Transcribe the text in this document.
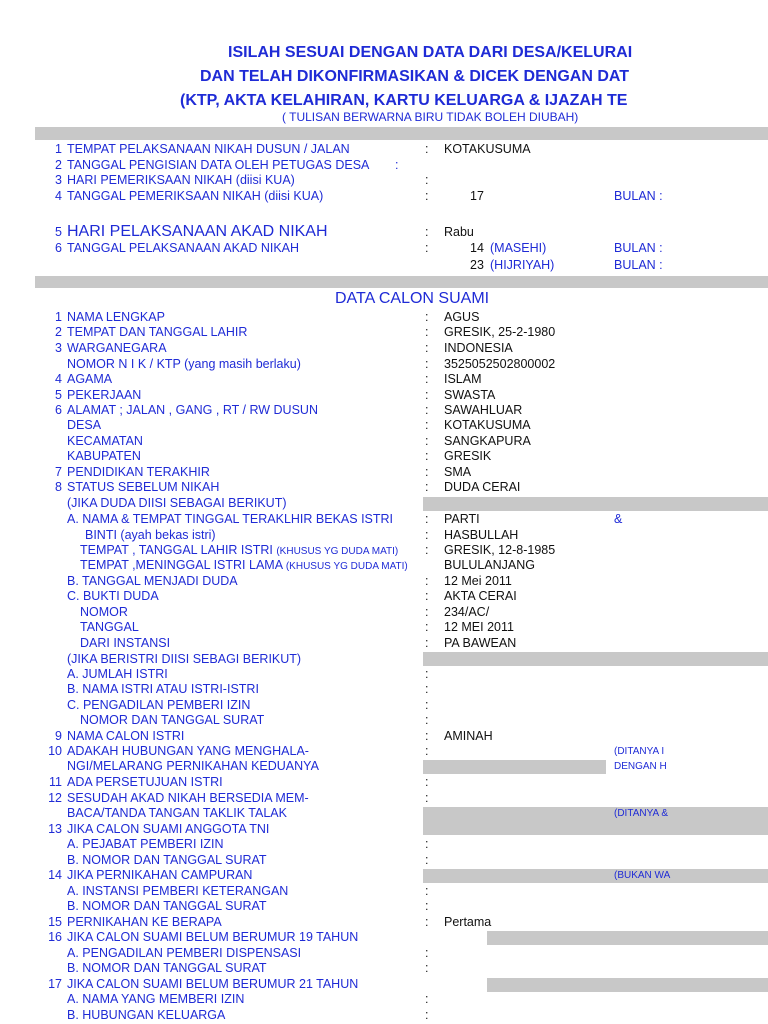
ISILAH SESUAI DENGAN DATA DARI DESA/KELURAI
DAN TELAH DIKONFIRMASIKAN & DICEK DENGAN DAT
(KTP, AKTA KELAHIRAN, KARTU KELUARGA & IJAZAH TE
( TULISAN BERWARNA BIRU TIDAK BOLEH DIUBAH)
1 TEMPAT PELAKSANAAN NIKAH DUSUN / JALAN	: KOTAKUSUMA
2 TANGGAL PENGISIAN DATA OLEH PETUGAS DESA :
3 HARI PEMERIKSAAN NIKAH (diisi KUA)	:
4 TANGGAL PEMERIKSAAN NIKAH (diisi KUA)	:	17	BULAN :
5 HARI PELAKSANAAN AKAD NIKAH	: Rabu
6 TANGGAL PELAKSANAAN AKAD NIKAH	:	14 (MASEHI)	BULAN :
23 (HIJRIYAH)	BULAN :
DATA CALON SUAMI
1 NAMA LENGKAP	: AGUS
2 TEMPAT DAN TANGGAL LAHIR	: GRESIK, 25-2-1980
3 WARGANEGARA	: INDONESIA
NOMOR N I K / KTP (yang masih berlaku)	: 3525052502800002
4 AGAMA	: ISLAM
5 PEKERJAAN	: SWASTA
6 ALAMAT ; JALAN , GANG , RT / RW DUSUN	: SAWAHLUAR
DESA	: KOTAKUSUMA
KECAMATAN	: SANGKAPURA
KABUPATEN	: GRESIK
7 PENDIDIKAN TERAKHIR	: SMA
8 STATUS SEBELUM NIKAH	: DUDA CERAI
(JIKA DUDA DIISI SEBAGAI BERIKUT)
A. NAMA & TEMPAT TINGGAL TERAKLHIR BEKAS ISTRI	: PARTI	&
BINTI (ayah bekas istri)	: HASBULLAH
TEMPAT , TANGGAL LAHIR ISTRI (KHUSUS YG DUDA MATI) : GRESIK, 12-8-1985
TEMPAT ,MENINGGAL ISTRI LAMA (KHUSUS YG DUDA MATI)	BULULANJANG
B. TANGGAL MENJADI DUDA	: 12 Mei 2011
C. BUKTI DUDA	: AKTA CERAI
NOMOR	: 234/AC/
TANGGAL	: 12 MEI 2011
DARI INSTANSI	: PA BAWEAN
(JIKA BERISTRI DIISI SEBAGI BERIKUT)
A. JUMLAH ISTRI	:
B. NAMA ISTRI ATAU ISTRI-ISTRI	:
C. PENGADILAN PEMBERI IZIN	:
NOMOR DAN TANGGAL SURAT	:
9 NAMA CALON ISTRI	: AMINAH
10 ADAKAH HUBUNGAN YANG MENGHALA-	:	(DITANYA I
NGI/MELARANG PERNIKAHAN KEDUANYA	DENGAN H
11 ADA PERSETUJUAN ISTRI	:
12 SESUDAH AKAD NIKAH BERSEDIA MEM-	:
BACA/TANDA TANGAN TAKLIK TALAK	(DITANYA &
13 JIKA CALON SUAMI ANGGOTA TNI
A. PEJABAT PEMBERI IZIN	:
B. NOMOR DAN TANGGAL SURAT	:
14 JIKA PERNIKAHAN CAMPURAN	(BUKAN WA
A. INSTANSI PEMBERI KETERANGAN	:
B. NOMOR DAN TANGGAL SURAT	:
15 PERNIKAHAN KE BERAPA	: Pertama
16 JIKA CALON SUAMI BELUM BERUMUR 19 TAHUN
A. PENGADILAN PEMBERI DISPENSASI	:
B. NOMOR DAN TANGGAL SURAT	:
17 JIKA CALON SUAMI BELUM BERUMUR 21 TAHUN
A. NAMA YANG MEMBERI IZIN	:
B. HUBUNGAN KELUARGA	:
